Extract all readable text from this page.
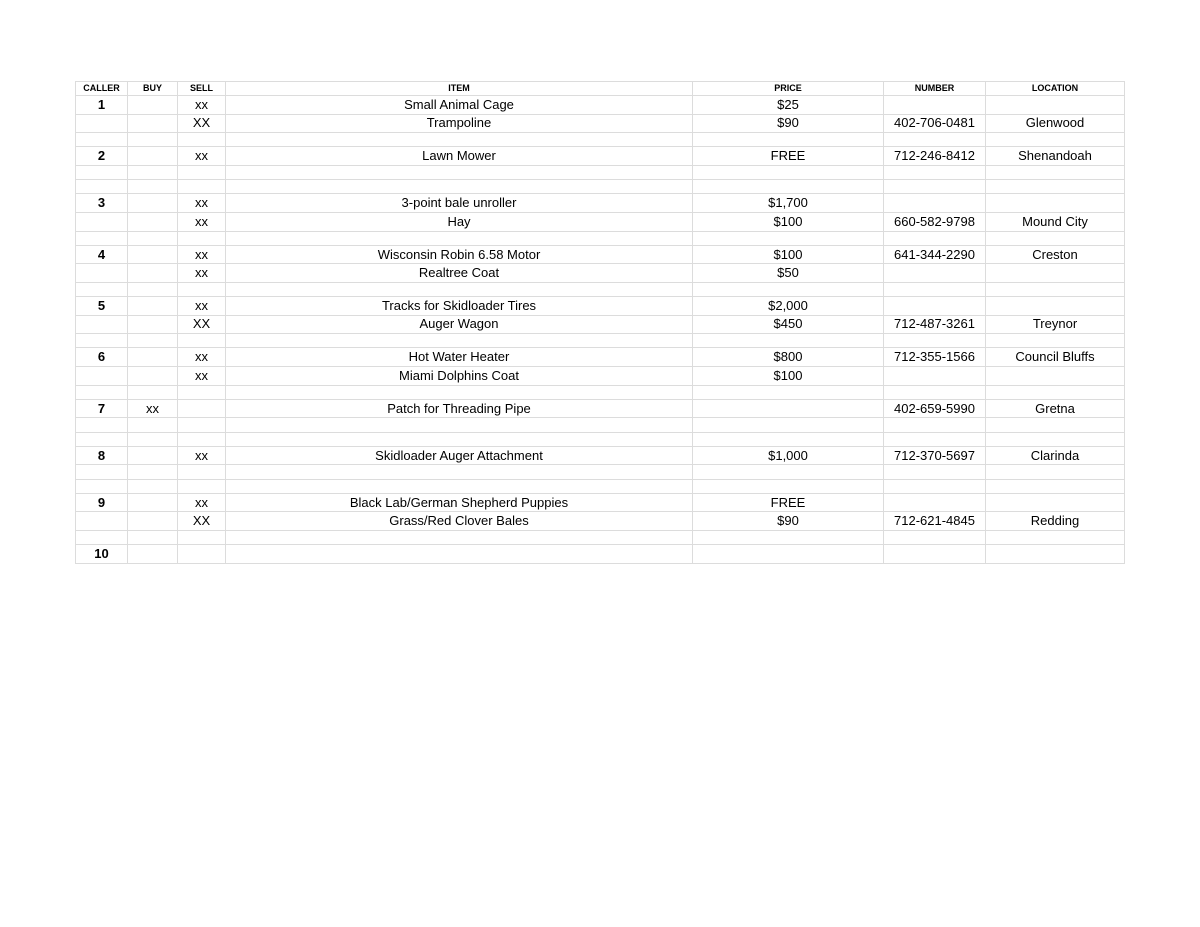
CALLER	BUY	SELL	ITEM	PRICE	NUMBER	LOCATION
1		xx	Small Animal Cage	$25		
		XX	Trampoline	$90	402-706-0481	Glenwood

2		xx	Lawn Mower	FREE	712-246-8412	Shenandoah

3		xx	3-point bale unroller	$1,700		
		xx	Hay	$100	660-582-9798	Mound City

4		xx	Wisconsin Robin 6.58 Motor	$100	641-344-2290	Creston
		xx	Realtree Coat	$50		

5		xx	Tracks for Skidloader Tires	$2,000		
		XX	Auger Wagon	$450	712-487-3261	Treynor

6		xx	Hot Water Heater	$800	712-355-1566	Council Bluffs
		xx	Miami Dolphins Coat	$100		

7	xx		Patch for Threading Pipe		402-659-5990	Gretna

8		xx	Skidloader Auger Attachment	$1,000	712-370-5697	Clarinda

9		xx	Black Lab/German Shepherd Puppies	FREE		
		XX	Grass/Red Clover Bales	$90	712-621-4845	Redding

10						
